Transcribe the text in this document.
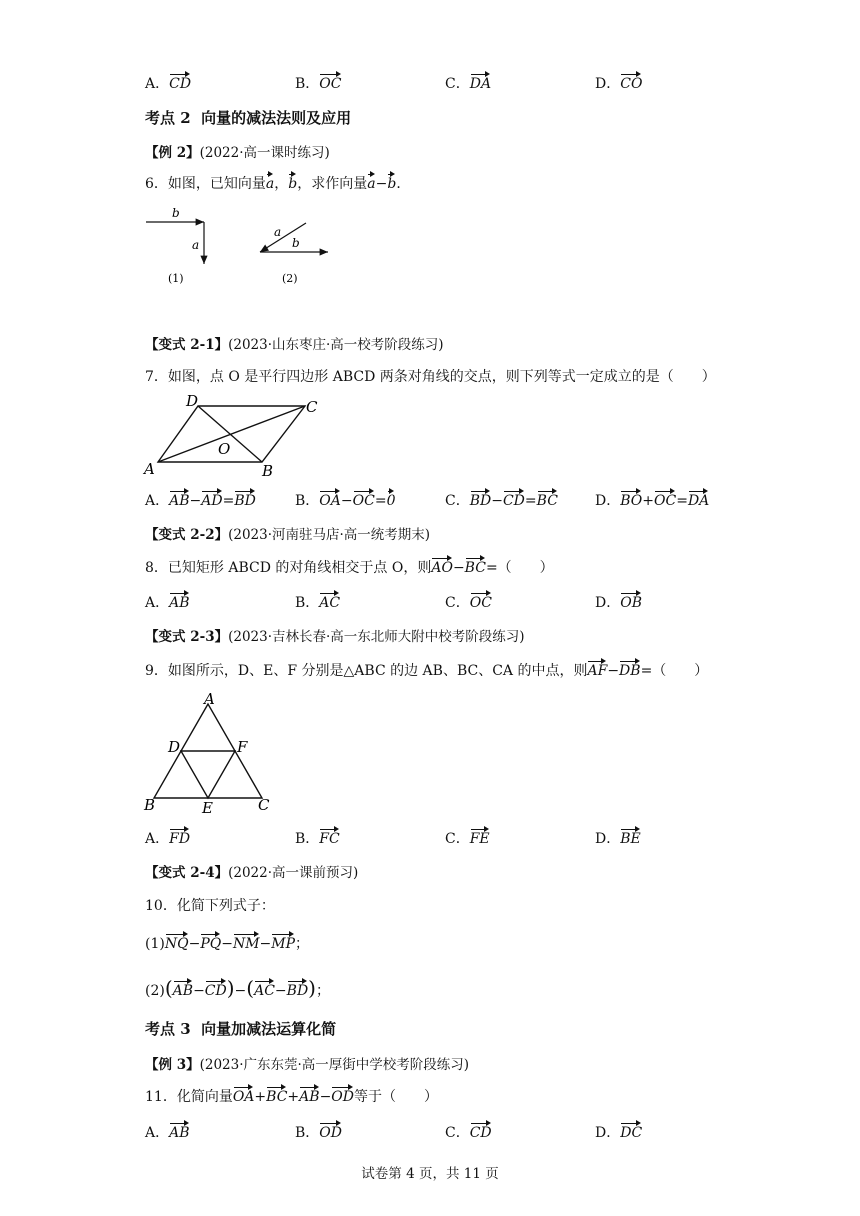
A．CD	B．OC	C．DA	D．CO
考点 2 向量的减法法则及应用
【例 2】(2022·高一课时练习)
6．如图，已知向量a，b，求作向量a−b．
b
a
(1)
a
b
(2)
【变式 2-1】(2023·山东枣庄·高一校考阶段练习)
7．如图，点 O 是平行四边形 ABCD 两条对角线的交点，则下列等式一定成立的是（　　）
A	B
C
D
O
A．AB−AD=BD	B．OA−OC=0	C．BD−CD=BC	D．BO+OC=DA
【变式 2-2】(2023·河南驻马店·高一统考期末)
8．已知矩形 ABCD 的对角线相交于点 O，则AO−BC=（　　）
A．AB	B．AC	C．OC	D．OB
【变式 2-3】(2023·吉林长春·高一东北师大附中校考阶段练习)
9．如图所示，D、E、F 分别是△ABC 的边 AB、BC、CA 的中点，则AF−DB=（　　）
A
B	C
D
E
F
A．FD	B．FC	C．FE	D．BE
【变式 2-4】(2022·高一课前预习)
10．化简下列式子：
(1)NQ−PQ−NM−MP；
(2)(AB−CD)−(AC−BD)；
考点 3 向量加减法运算化简
【例 3】(2023·广东东莞·高一厚街中学校考阶段练习)
11．化简向量OA+BC+AB−OD等于（　　）
A．AB	B．OD	C．CD	D．DC
试卷第 4 页，共 11 页
